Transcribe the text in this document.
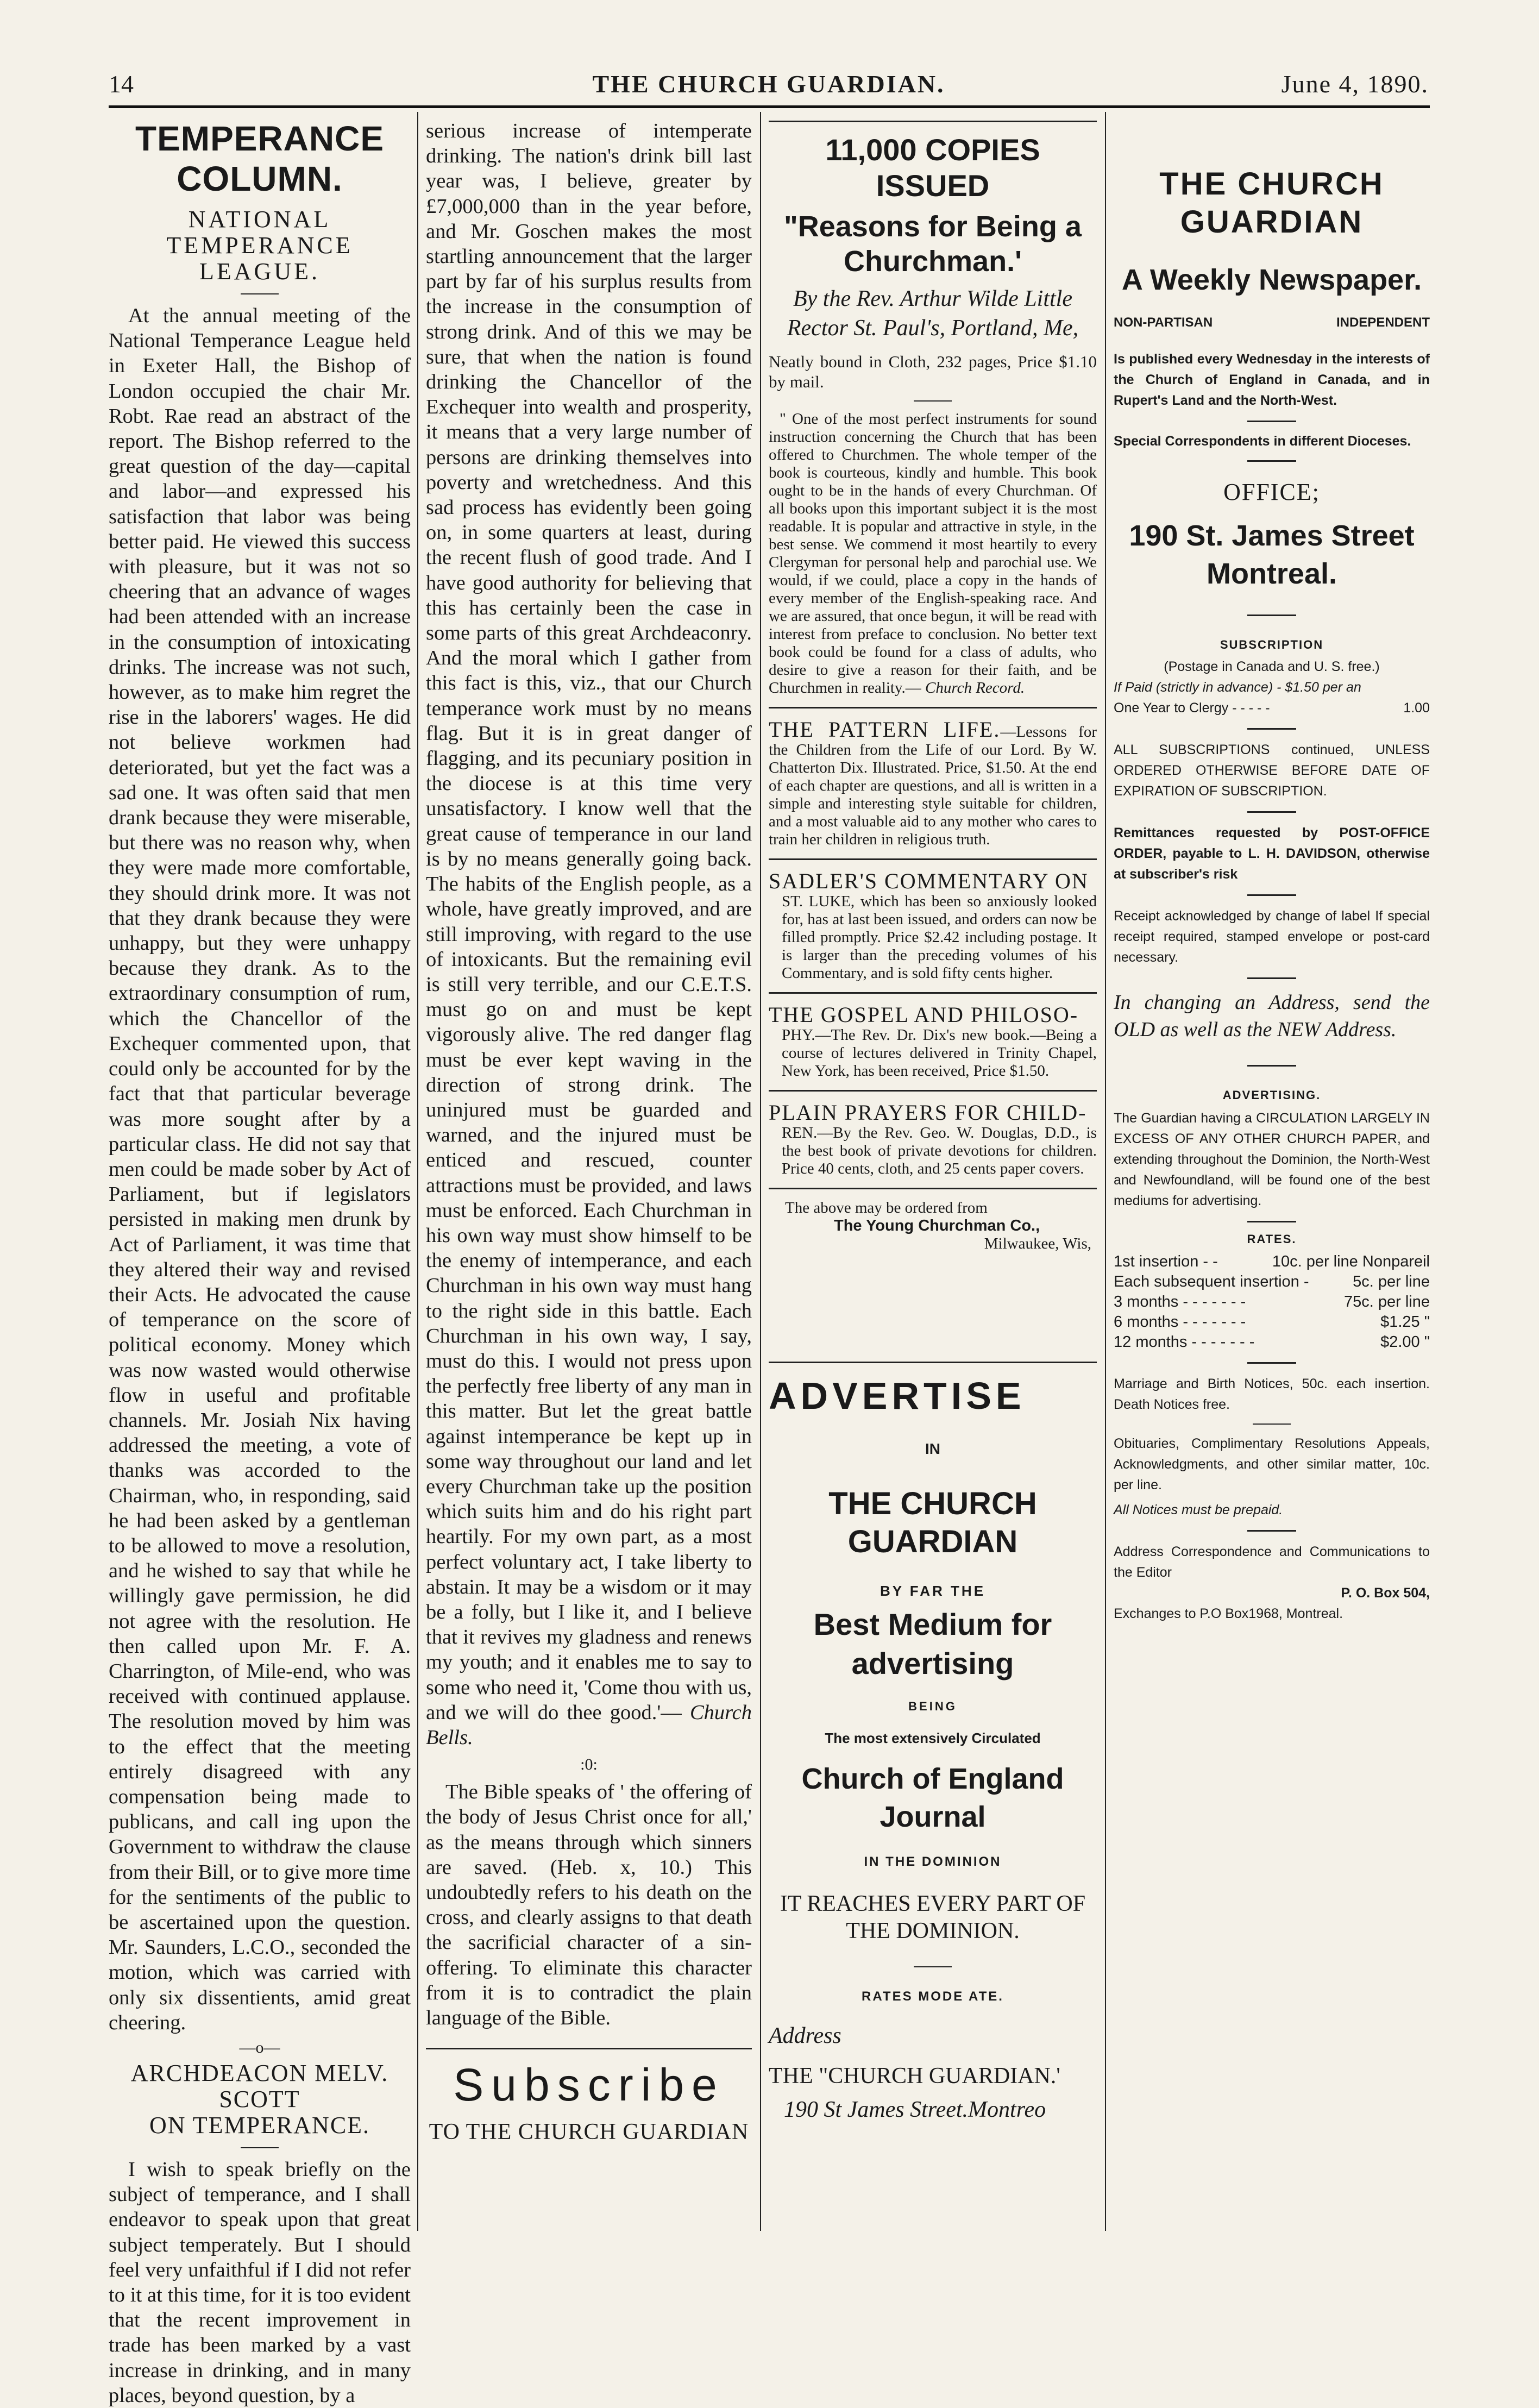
14	THE CHURCH GUARDIAN.	June 4, 1890.
TEMPERANCE COLUMN.
NATIONAL TEMPERANCE
LEAGUE.

At the annual meeting of the National Temperance League held in Exeter Hall, the Bishop of London occupied the chair Mr. Robt. Rae read an abstract of the report. The Bishop referred to the great question of the day—capital and labor—and expressed his satisfaction that labor was being better paid. He viewed this success with pleasure, but it was not so cheering that an advance of wages had been attended with an increase in the consumption of intoxicating drinks. The increase was not such, however, as to make him regret the rise in the laborers' wages. He did not believe workmen had deteriorated, but yet the fact was a sad one. It was often said that men drank because they were miserable, but there was no reason why, when they were made more comfortable, they should drink more. It was not that they drank because they were unhappy, but they were unhappy because they drank. As to the extraordinary consumption of rum, which the Chancellor of the Exchequer commented upon, that could only be accounted for by the fact that that particular beverage was more sought after by a particular class. He did not say that men could be made sober by Act of Parliament, but if legislators persisted in making men drunk by Act of Parliament, it was time that they altered their way and revised their Acts. He advocated the cause of temperance on the score of political economy. Money which was now wasted would otherwise flow in useful and profitable channels. Mr. Josiah Nix having addressed the meeting, a vote of thanks was accorded to the Chairman, who, in responding, said he had been asked by a gentleman to be allowed to move a resolution, and he wished to say that while he willingly gave permission, he did not agree with the resolution. He then called upon Mr. F. A. Charrington, of Mile-end, who was received with continued applause. The resolution moved by him was to the effect that the meeting entirely disagreed with any compensation being made to publicans, and call ing upon the Government to withdraw the clause from their Bill, or to give more time for the sentiments of the public to be ascertained upon the question. Mr. Saunders, L.C.O., seconded the motion, which was carried with only six dissentients, amid great cheering.

—o—
ARCHDEACON MELV. SCOTT
ON TEMPERANCE.

I wish to speak briefly on the subject of temperance, and I shall endeavor to speak upon that great subject temperately. But I should feel very unfaithful if I did not refer to it at this time, for it is too evident that the recent improvement in trade has been marked by a vast increase in drinking, and in many places, beyond question, by a

serious increase of intemperate drinking. The nation's drink bill last year was, I believe, greater by £7,000,000 than in the year before, and Mr. Goschen makes the most startling announcement that the larger part by far of his surplus results from the increase in the consumption of strong drink. And of this we may be sure, that when the nation is found drinking the Chancellor of the Exchequer into wealth and prosperity, it means that a very large number of persons are drinking themselves into poverty and wretchedness. And this sad process has evidently been going on, in some quarters at least, during the recent flush of good trade. And I have good authority for believing that this has certainly been the case in some parts of this great Archdeaconry. And the moral which I gather from this fact is this, viz., that our Church temperance work must by no means flag. But it is in great danger of flagging, and its pecuniary position in the diocese is at this time very unsatisfactory. I know well that the great cause of temperance in our land is by no means generally going back. The habits of the English people, as a whole, have greatly improved, and are still improving, with regard to the use of intoxicants. But the remaining evil is still very terrible, and our C.E.T.S. must go on and must be kept vigorously alive. The red danger flag must be ever kept waving in the direction of strong drink. The uninjured must be guarded and warned, and the injured must be enticed and rescued, counter attractions must be provided, and laws must be enforced. Each Churchman in his own way must show himself to be the enemy of intemperance, and each Churchman in his own way must hang to the right side in this battle. Each Churchman in his own way, I say, must do this. I would not press upon the perfectly free liberty of any man in this matter. But let the great battle against intemperance be kept up in some way throughout our land and let every Churchman take up the position which suits him and do his right part heartily. For my own part, as a most perfect voluntary act, I take liberty to abstain. It may be a wisdom or it may be a folly, but I like it, and I believe that it revives my gladness and renews my youth; and it enables me to say to some who need it, 'Come thou with us, and we will do thee good.'— Church Bells.

:0:

The Bible speaks of ' the offering of the body of Jesus Christ once for all,' as the means through which sinners are saved. (Heb. x, 10.) This undoubtedly refers to his death on the cross, and clearly assigns to that death the sacrificial character of a sin-offering. To eliminate this character from it is to contradict the plain language of the Bible.

Subscribe
TO THE CHURCH GUARDIAN
11,000 COPIES ISSUED
"Reasons for Being a Churchman.'
By the Rev. Arthur Wilde Little
Rector St. Paul's, Portland, Me,

Neatly bound in Cloth, 232 pages, Price $1.10 by mail.

" One of the most perfect instruments for sound instruction concerning the Church that has been offered to Churchmen. The whole temper of the book is courteous, kindly and humble. This book ought to be in the hands of every Churchman. Of all books upon this important subject it is the most readable. It is popular and attractive in style, in the best sense. We commend it most heartily to every Clergyman for personal help and parochial use. We would, if we could, place a copy in the hands of every member of the English-speaking race. And we are assured, that once begun, it will be read with interest from preface to conclusion. No better text book could be found for a class of adults, who desire to give a reason for their faith, and be Churchmen in reality.— Church Record.

THE PATTERN LIFE.—Lessons for the Children from the Life of our Lord. By W. Chatterton Dix. Illustrated. Price, $1.50. At the end of each chapter are questions, and all is written in a simple and interesting style suitable for children, and a most valuable aid to any mother who cares to train her children in religious truth.

SADLER'S COMMENTARY ON

ST. LUKE, which has been so anxiously looked for, has at last been issued, and orders can now be filled promptly. Price $2.42 including postage. It is larger than the preceding volumes of his Commentary, and is sold fifty cents higher.

THE GOSPEL AND PHILOSO-

PHY.—The Rev. Dr. Dix's new book.—Being a course of lectures delivered in Trinity Chapel, New York, has been received, Price $1.50.

PLAIN PRAYERS FOR CHILD-

REN.—By the Rev. Geo. W. Douglas, D.D., is the best book of private devotions for children. Price 40 cents, cloth, and 25 cents paper covers.

The above may be ordered from
The Young Churchman Co.,
Milwaukee, Wis,
ADVERTISE
IN
THE CHURCH GUARDIAN
BY FAR THE
Best Medium for advertising
BEING
The most extensively Circulated
Church of England Journal
IN THE DOMINION
IT REACHES EVERY PART OF
THE DOMINION.
RATES MODE ATE.
Address
THE "CHURCH GUARDIAN.'
190 St James Street.Montreo
THE CHURCH GUARDIAN
A Weekly Newspaper.
NON-PARTISAN	INDEPENDENT

Is published every Wednesday in the interests of the Church of England in Canada, and in Rupert's Land and the North-West.

Special Correspondents in different Dioceses.

OFFICE;
190 St. James Street Montreal.
SUBSCRIPTION
(Postage in Canada and U. S. free.)
If Paid (strictly in advance) - $1.50 per an
One Year to Clergy - - - - -	1.00

ALL SUBSCRIPTIONS continued, UNLESS ORDERED OTHERWISE BEFORE DATE OF EXPIRATION OF SUBSCRIPTION.

Remittances requested by POST-OFFICE ORDER, payable to L. H. DAVIDSON, otherwise at subscriber's risk

Receipt acknowledged by change of label If special receipt required, stamped envelope or post-card necessary.

In changing an Address, send the OLD as well as the NEW Address.

ADVERTISING.

The Guardian having a CIRCULATION LARGELY IN EXCESS OF ANY OTHER CHURCH PAPER, and extending throughout the Dominion, the North-West and Newfoundland, will be found one of the best mediums for advertising.

RATES.
1st insertion - -	10c. per line Nonpareil
Each subsequent insertion -	5c. per line
3 months - - - - - - -	75c. per line
6 months - - - - - - -	$1.25 "
12 months - - - - - - -	$2.00 "

Marriage and Birth Notices, 50c. each insertion. Death Notices free.

Obituaries, Complimentary Resolutions Appeals, Acknowledgments, and other similar matter, 10c. per line.

All Notices must be prepaid.

Address Correspondence and Communications to the Editor

P. O. Box 504,
Exchanges to P.O Box1968, Montreal.
